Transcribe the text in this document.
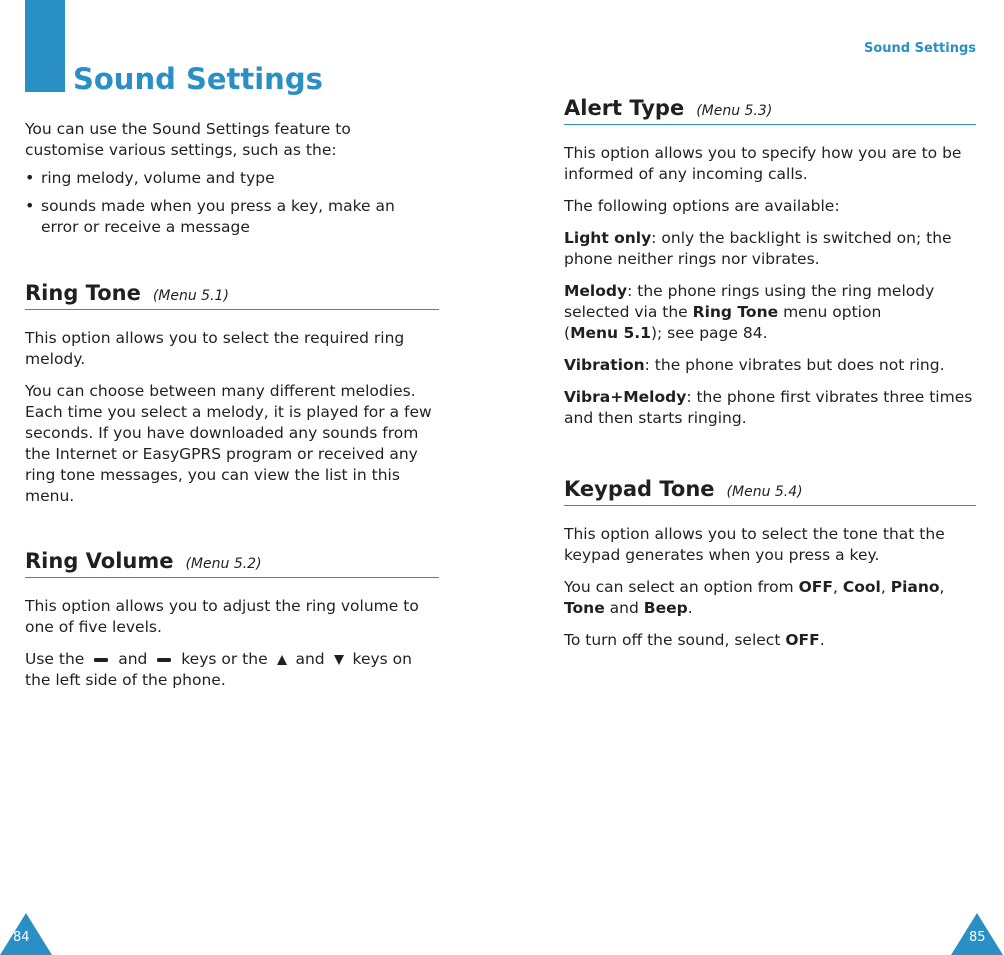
Sound Settings

You can use the Sound Settings feature to customise various settings, such as the:

• ring melody, volume and type

• sounds made when you press a key, make an error or receive a message

Ring Tone (Menu 5.1)

This option allows you to select the required ring melody.

You can choose between many different melodies. Each time you select a melody, it is played for a few seconds. If you have downloaded any sounds from the Internet or EasyGPRS program or received any ring tone messages, you can view the list in this menu.

Ring Volume (Menu 5.2)

This option allows you to adjust the ring volume to one of five levels.

Use the and keys or the and keys on the left side of the phone.

84
Sound Settings
Alert Type (Menu 5.3)

This option allows you to specify how you are to be informed of any incoming calls.

The following options are available:

Light only: only the backlight is switched on; the phone neither rings nor vibrates.

Melody: the phone rings using the ring melody selected via the Ring Tone menu option
(Menu 5.1); see page 84.

Vibration: the phone vibrates but does not ring.

Vibra+Melody: the phone first vibrates three times and then starts ringing.

Keypad Tone (Menu 5.4)

This option allows you to select the tone that the keypad generates when you press a key.

You can select an option from OFF, Cool, Piano,
Tone and Beep.

To turn off the sound, select OFF.

85
